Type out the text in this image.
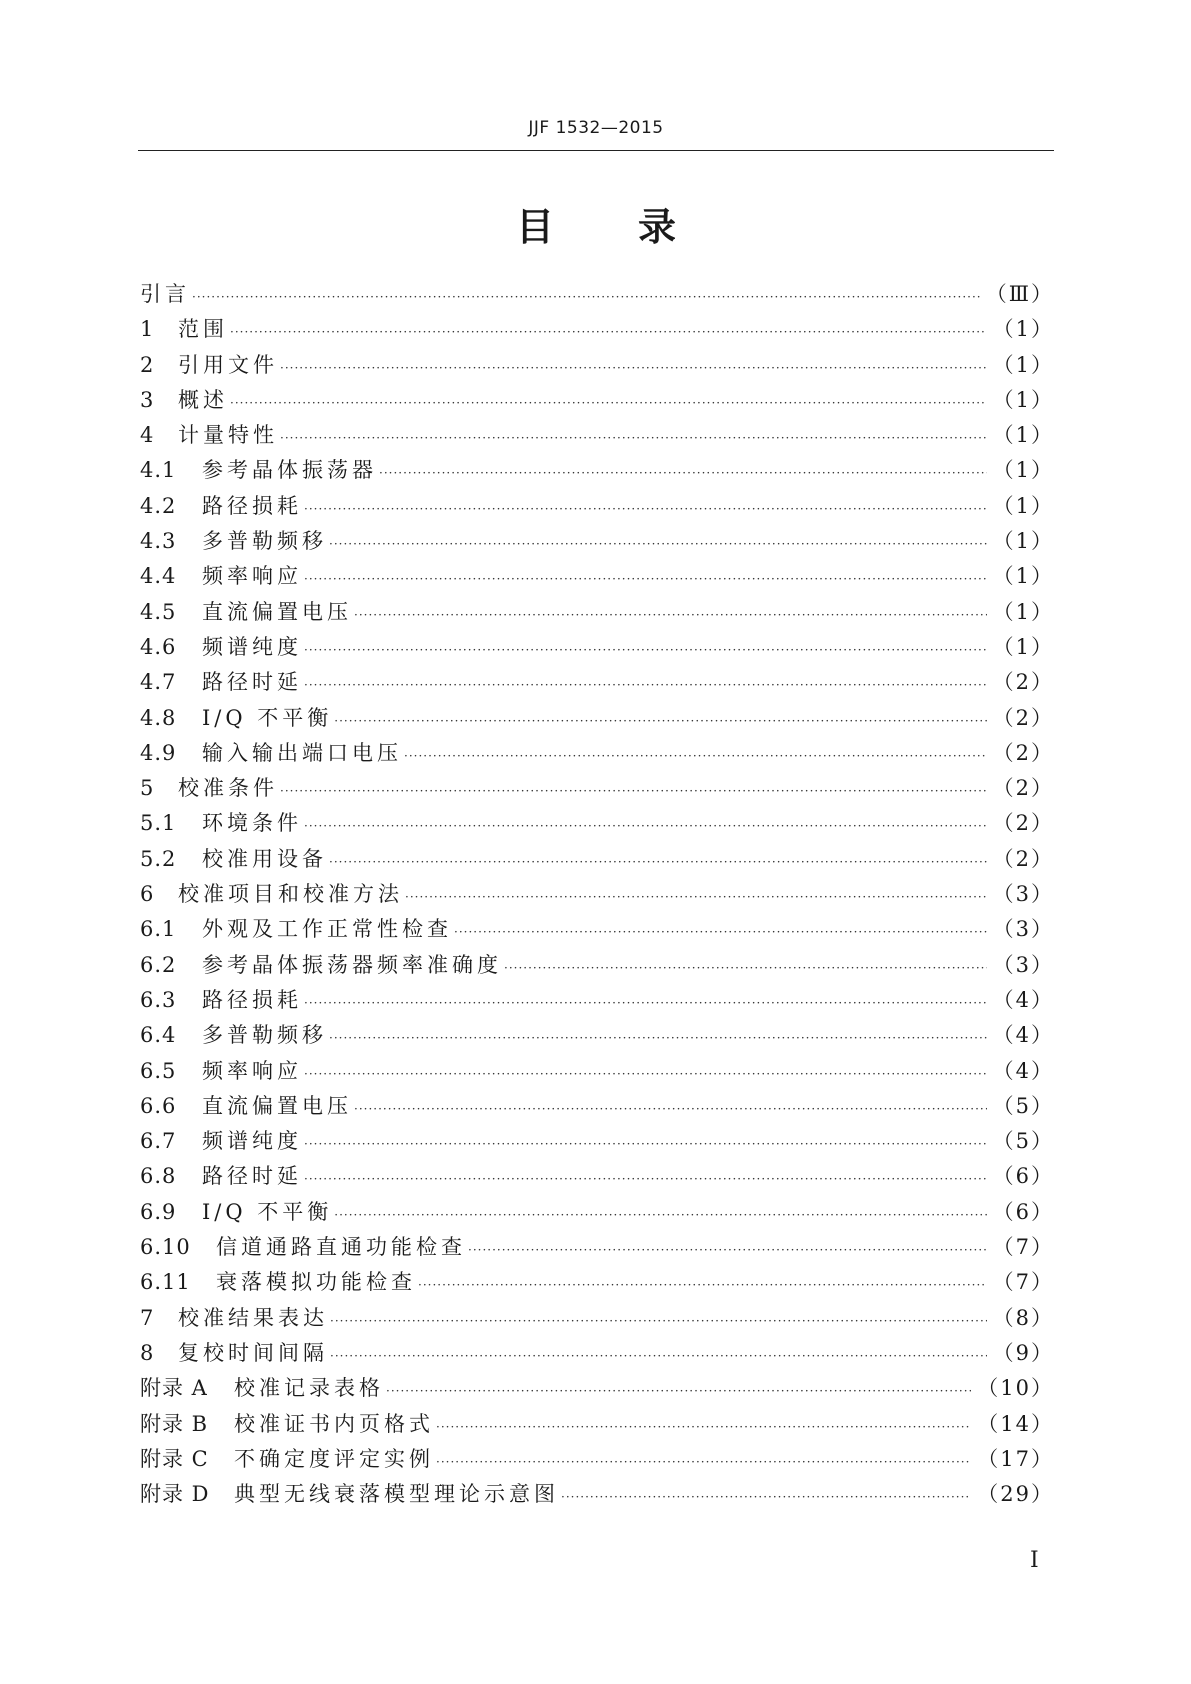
JJF 1532—2015
目 录
引言 ·····	（Ⅲ）
1	范围 ·····	（1）
2	引用文件 ·····	（1）
3	概述 ·····	（1）
4	计量特性 ·····	（1）
4.1	参考晶体振荡器 ·····	（1）
4.2	路径损耗 ·····	（1）
4.3	多普勒频移 ·····	（1）
4.4	频率响应 ·····	（1）
4.5	直流偏置电压 ·····	（1）
4.6	频谱纯度 ·····	（1）
4.7	路径时延 ·····	（2）
4.8	I/Q 不平衡 ·····	（2）
4.9	输入输出端口电压 ·····	（2）
5	校准条件 ·····	（2）
5.1	环境条件 ·····	（2）
5.2	校准用设备 ·····	（2）
6	校准项目和校准方法 ·····	（3）
6.1	外观及工作正常性检查 ·····	（3）
6.2	参考晶体振荡器频率准确度 ·····	（3）
6.3	路径损耗 ·····	（4）
6.4	多普勒频移 ·····	（4）
6.5	频率响应 ·····	（4）
6.6	直流偏置电压 ·····	（5）
6.7	频谱纯度 ·····	（5）
6.8	路径时延 ·····	（6）
6.9	I/Q 不平衡 ·····	（6）
6.10	信道通路直通功能检查 ·····	（7）
6.11	衰落模拟功能检查 ·····	（7）
7	校准结果表达 ·····	（8）
8	复校时间间隔 ·····	（9）
附录 A	校准记录表格 ·····	（10）
附录 B	校准证书内页格式 ·····	（14）
附录 C	不确定度评定实例 ·····	（17）
附录 D	典型无线衰落模型理论示意图 ·····	（29）
Ⅰ
